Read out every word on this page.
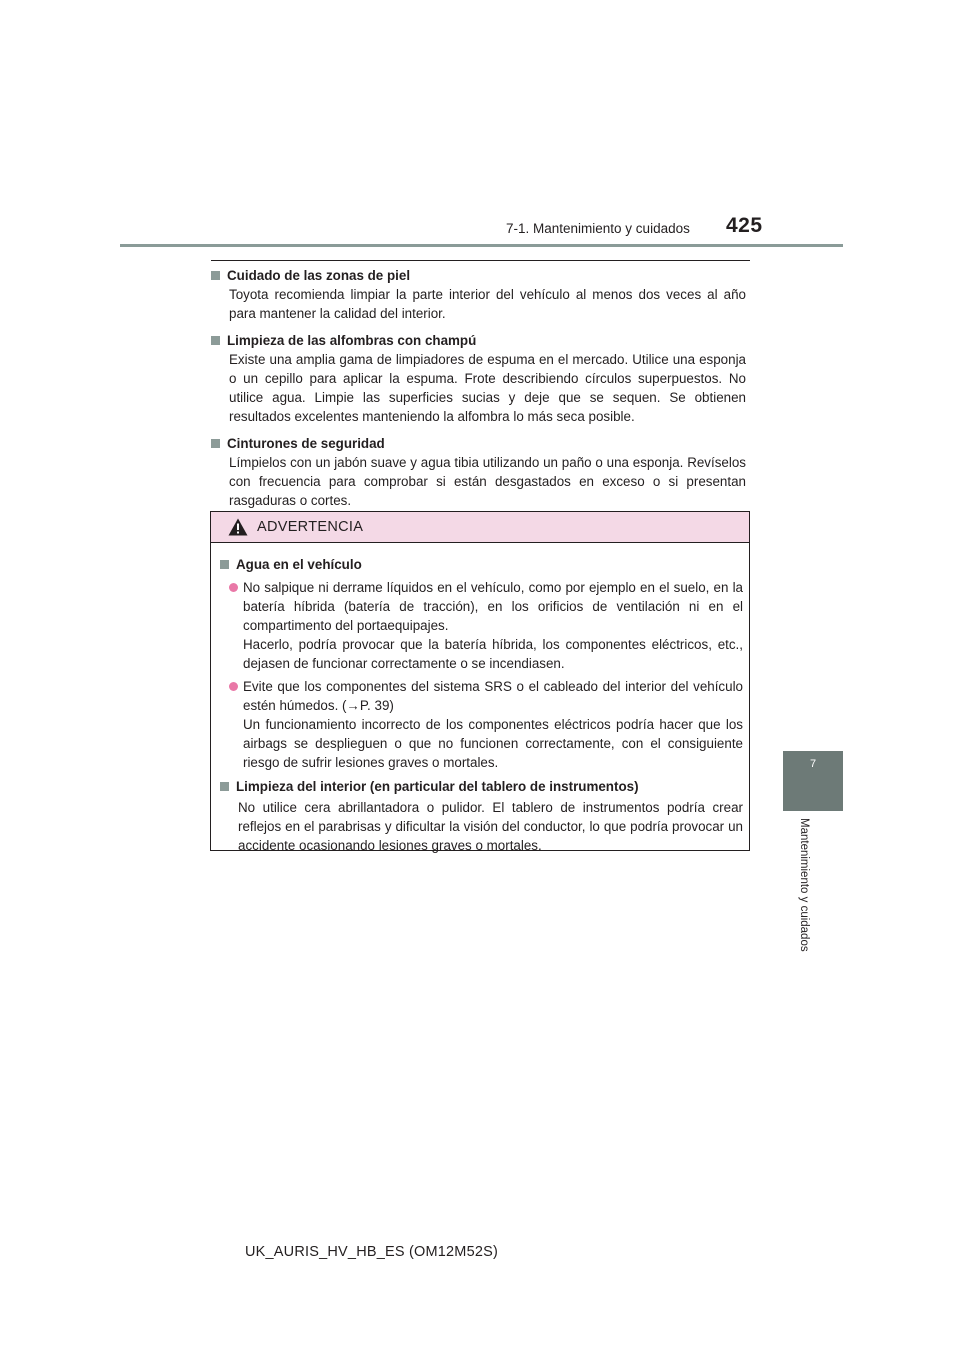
7-1. Mantenimiento y cuidados 425
Cuidado de las zonas de piel
Toyota recomienda limpiar la parte interior del vehículo al menos dos veces al año para mantener la calidad del interior.
Limpieza de las alfombras con champú
Existe una amplia gama de limpiadores de espuma en el mercado. Utilice una esponja o un cepillo para aplicar la espuma. Frote describiendo círculos superpuestos. No utilice agua. Limpie las superficies sucias y deje que se sequen. Se obtienen resultados excelentes manteniendo la alfombra lo más seca posible.
Cinturones de seguridad
Límpielos con un jabón suave y agua tibia utilizando un paño o una esponja. Revíselos con frecuencia para comprobar si están desgastados en exceso o si presentan rasgaduras o cortes.
ADVERTENCIA
Agua en el vehículo

No salpique ni derrame líquidos en el vehículo, como por ejemplo en el suelo, en la batería híbrida (batería de tracción), en los orificios de ventilación ni en el compartimento del portaequipajes.

Hacerlo, podría provocar que la batería híbrida, los componentes eléctricos, etc., dejasen de funcionar correctamente o se incendiasen.

Evite que los componentes del sistema SRS o el cableado del interior del vehículo estén húmedos. (→P. 39)

Un funcionamiento incorrecto de los componentes eléctricos podría hacer que los airbags se desplieguen o que no funcionen correctamente, con el consiguiente riesgo de sufrir lesiones graves o mortales.

Limpieza del interior (en particular del tablero de instrumentos)
No utilice cera abrillantadora o pulidor. El tablero de instrumentos podría crear reflejos en el parabrisas y dificultar la visión del conductor, lo que podría provocar un accidente ocasionando lesiones graves o mortales.
7
Mantenimiento y cuidados
UK_AURIS_HV_HB_ES (OM12M52S)
